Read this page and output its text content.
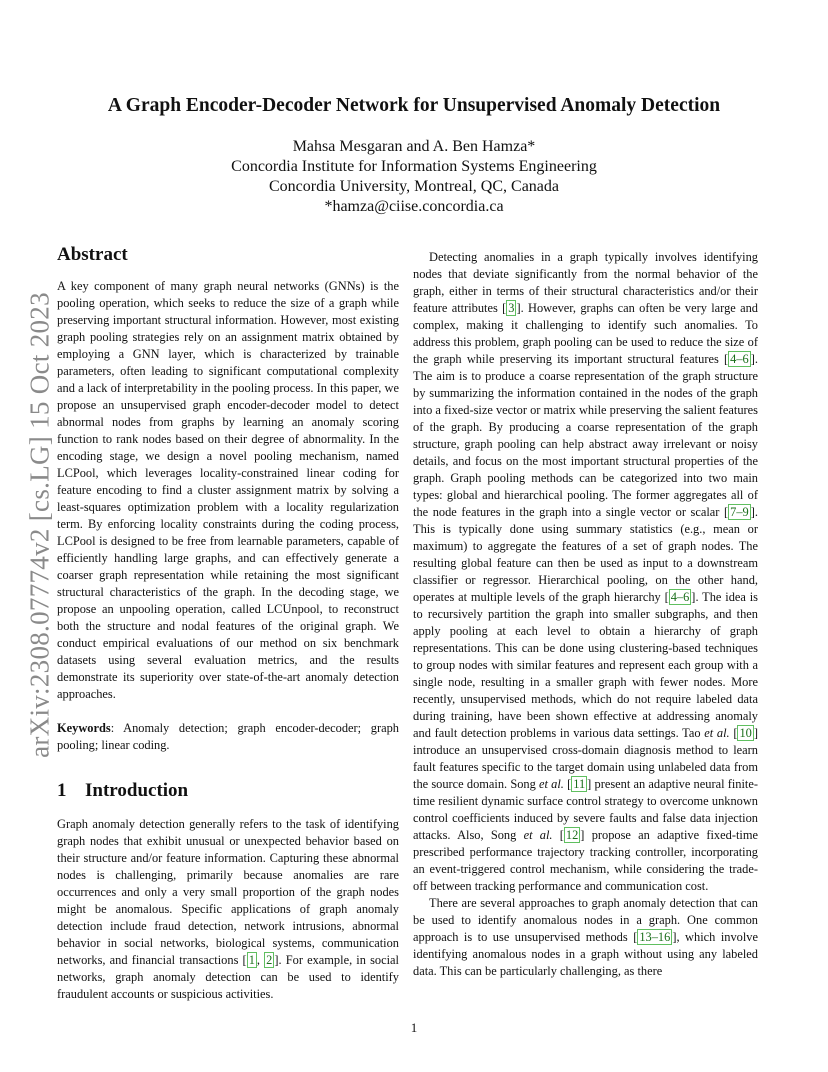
arXiv:2308.07774v2 [cs.LG] 15 Oct 2023
A Graph Encoder-Decoder Network for Unsupervised Anomaly Detection
Mahsa Mesgaran and A. Ben Hamza*
Concordia Institute for Information Systems Engineering
Concordia University, Montreal, QC, Canada
*hamza@ciise.concordia.ca
Abstract
A key component of many graph neural networks (GNNs) is the pooling operation, which seeks to reduce the size of a graph while preserving important structural information. However, most existing graph pooling strategies rely on an assignment matrix obtained by employing a GNN layer, which is characterized by trainable parameters, often leading to significant computational complexity and a lack of interpretability in the pooling process. In this paper, we propose an unsupervised graph encoder-decoder model to detect abnormal nodes from graphs by learning an anomaly scoring function to rank nodes based on their degree of abnormality. In the encoding stage, we design a novel pooling mechanism, named LCPool, which leverages locality-constrained linear coding for feature encoding to find a cluster assignment matrix by solving a least-squares optimization problem with a locality regularization term. By enforcing locality constraints during the coding process, LCPool is designed to be free from learnable parameters, capable of efficiently handling large graphs, and can effectively generate a coarser graph representation while retaining the most significant structural characteristics of the graph. In the decoding stage, we propose an unpooling operation, called LCUnpool, to reconstruct both the structure and nodal features of the original graph. We conduct empirical evaluations of our method on six benchmark datasets using several evaluation metrics, and the results demonstrate its superiority over state-of-the-art anomaly detection approaches.
Keywords: Anomaly detection; graph encoder-decoder; graph pooling; linear coding.
1 Introduction
Graph anomaly detection generally refers to the task of identifying graph nodes that exhibit unusual or unexpected behavior based on their structure and/or feature information. Capturing these abnormal nodes is challenging, primarily because anomalies are rare occurrences and only a very small proportion of the graph nodes might be anomalous. Specific applications of graph anomaly detection include fraud detection, network intrusions, abnormal behavior in social networks, biological systems, communication networks, and financial transactions [ 1 , 2 ]. For example, in social networks, graph anomaly detection can be used to identify fraudulent accounts or suspicious activities.

Detecting anomalies in a graph typically involves identifying nodes that deviate significantly from the normal behavior of the graph, either in terms of their structural characteristics and/or their feature attributes [ 3 ]. However, graphs can often be very large and complex, making it challenging to identify such anomalies. To address this problem, graph pooling can be used to reduce the size of the graph while preserving its important structural features [ 4–6 ]. The aim is to produce a coarse representation of the graph structure by summarizing the information contained in the nodes of the graph into a fixed-size vector or matrix while preserving the salient features of the graph. By producing a coarse representation of the graph structure, graph pooling can help abstract away irrelevant or noisy details, and focus on the most important structural properties of the graph. Graph pooling methods can be categorized into two main types: global and hierarchical pooling. The former aggregates all of the node features in the graph into a single vector or scalar [ 7–9 ]. This is typically done using summary statistics (e.g., mean or maximum) to aggregate the features of a set of graph nodes. The resulting global feature can then be used as input to a downstream classifier or regressor. Hierarchical pooling, on the other hand, operates at multiple levels of the graph hierarchy [ 4–6 ]. The idea is to recursively partition the graph into smaller subgraphs, and then apply pooling at each level to obtain a hierarchy of graph representations. This can be done using clustering-based techniques to group nodes with similar features and represent each group with a single node, resulting in a smaller graph with fewer nodes. More recently, unsupervised methods, which do not require labeled data during training, have been shown effective at addressing anomaly and fault detection problems in various data settings. Tao et al. [ 10 ] introduce an unsupervised cross-domain diagnosis method to learn fault features specific to the target domain using unlabeled data from the source domain. Song et al. [ 11 ] present an adaptive neural finite-time resilient dynamic surface control strategy to overcome unknown control coefficients induced by severe faults and false data injection attacks. Also, Song et al. [ 12 ] propose an adaptive fixed-time prescribed performance trajectory tracking controller, incorporating an event-triggered control mechanism, while considering the trade-off between tracking performance and communication cost.

There are several approaches to graph anomaly detection that can be used to identify anomalous nodes in a graph. One common approach is to use unsupervised methods [ 13–16 ], which involve identifying anomalous nodes in a graph without using any labeled data. This can be particularly challenging, as there

1
